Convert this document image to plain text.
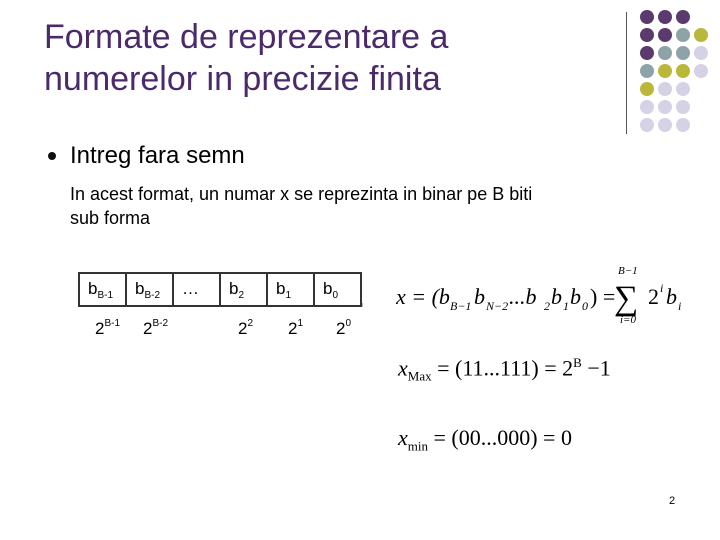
Formate de reprezentare a
numerelor in precizie finita
Intreg fara semn
In acest format, un numar x se reprezinta in binar pe B biti
sub forma
$b_{B-1}$	$b_{B-2}$	…	$b_2$	$b_1$	$b_0$
$2^{B-1}$ $2^{B-2}$	$2^2$ $2^1$ $2^0$
x = (b B−1 b N−2 ...b 2 b 1 b 0 ) =
B−1
∑
i=0
2 i b i
$x_{Max} = (11...111) = 2^B -1$
$x_{min} = (00...000) = 0$
2
